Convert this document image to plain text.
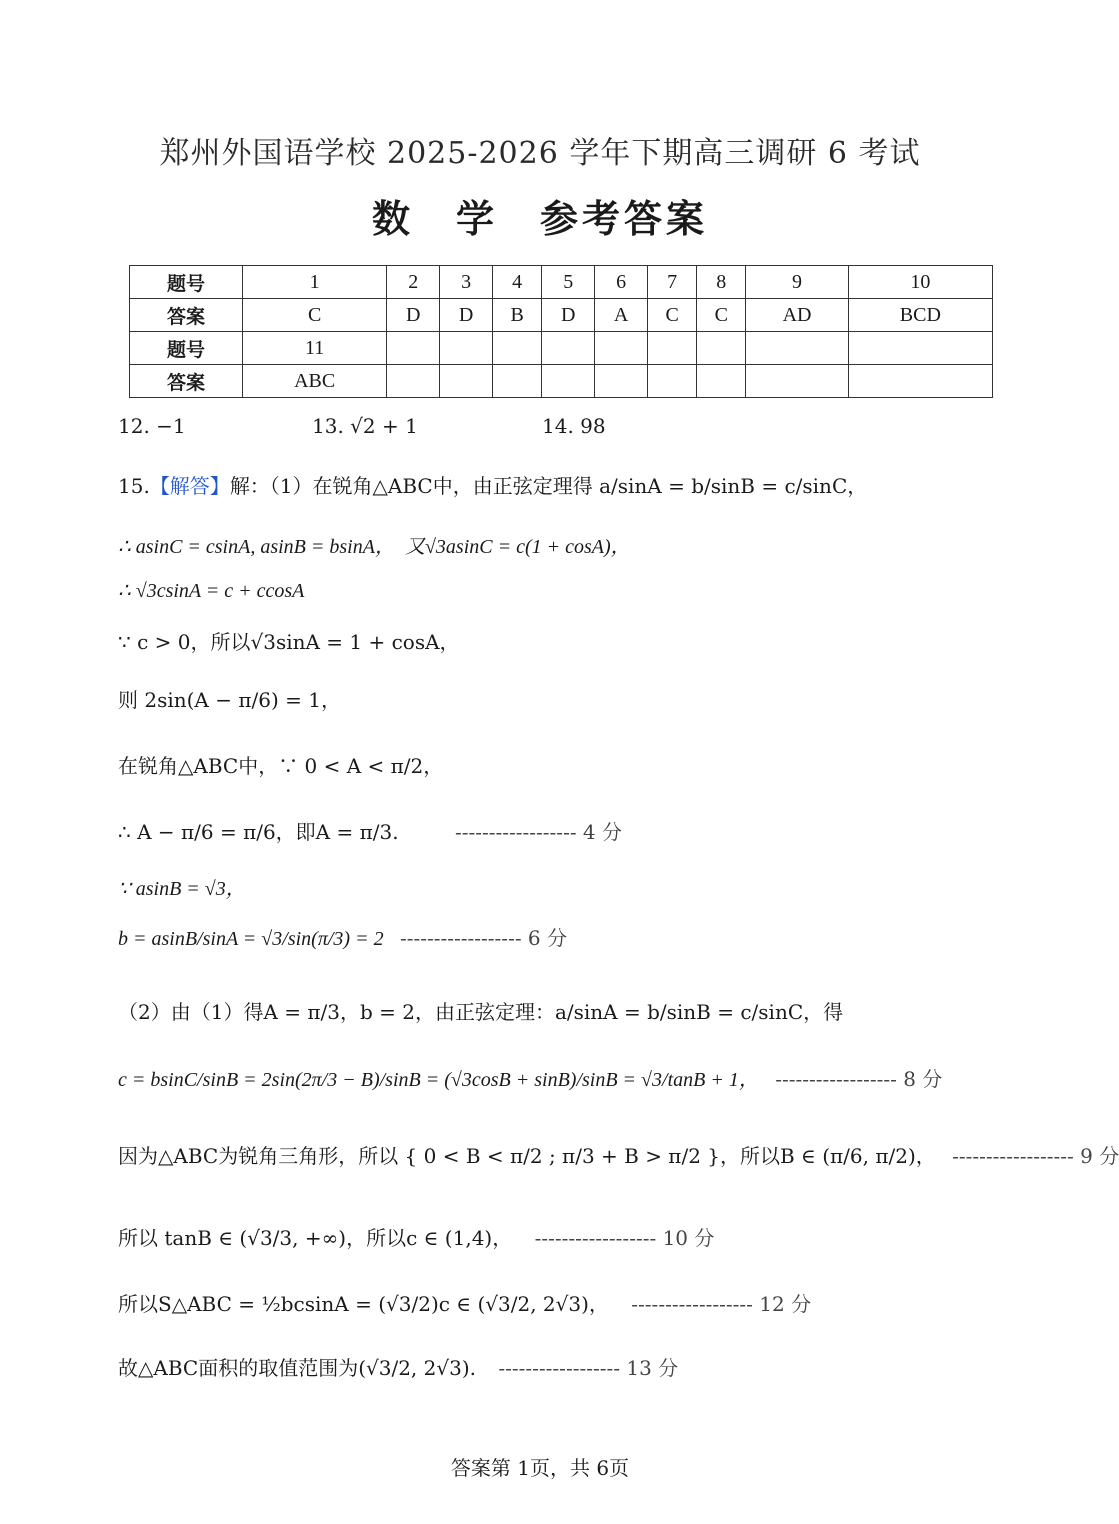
郑州外国语学校 2025-2026 学年下期高三调研 6 考试
数　学　参考答案
题号	1	2	3	4	5	6	7	8	9	10
答案	C	D	D	B	D	A	C	C	AD	BCD
题号	11									
答案	ABC									
12. −1	13. √2 + 1	14. 98
15.【解答】解：（1）在锐角△ABC中，由正弦定理得 a/sinA = b/sinB = c/sinC，
∴ asinC = csinA, asinB = bsinA，　又√3asinC = c(1 + cosA)，
∴ √3csinA = c + ccosA
∵ c > 0，所以√3sinA = 1 + cosA，
则 2sin(A − π/6) = 1，
在锐角△ABC中，∵ 0 < A < π/2，
∴ A − π/6 = π/6，即A = π/3.	------------------ 4 分
∵ asinB = √3，
b = asinB/sinA = √3/sin(π/3) = 2 ------------------ 6 分
（2）由（1）得A = π/3，b = 2，由正弦定理：a/sinA = b/sinB = c/sinC，得
c = bsinC/sinB = 2sin(2π/3 − B)/sinB = (√3cosB + sinB)/sinB = √3/tanB + 1， ------------------ 8 分
因为△ABC为锐角三角形，所以 { 0 < B < π/2 ; π/3 + B > π/2 }，所以B ∈ (π/6, π/2)， ------------------ 9 分
所以 tanB ∈ (√3/3, +∞)，所以c ∈ (1,4)， ------------------ 10 分
所以S△ABC = ½bcsinA = (√3/2)c ∈ (√3/2, 2√3)， ------------------ 12 分
故△ABC面积的取值范围为(√3/2, 2√3). ------------------ 13 分
答案第 1页，共 6页
